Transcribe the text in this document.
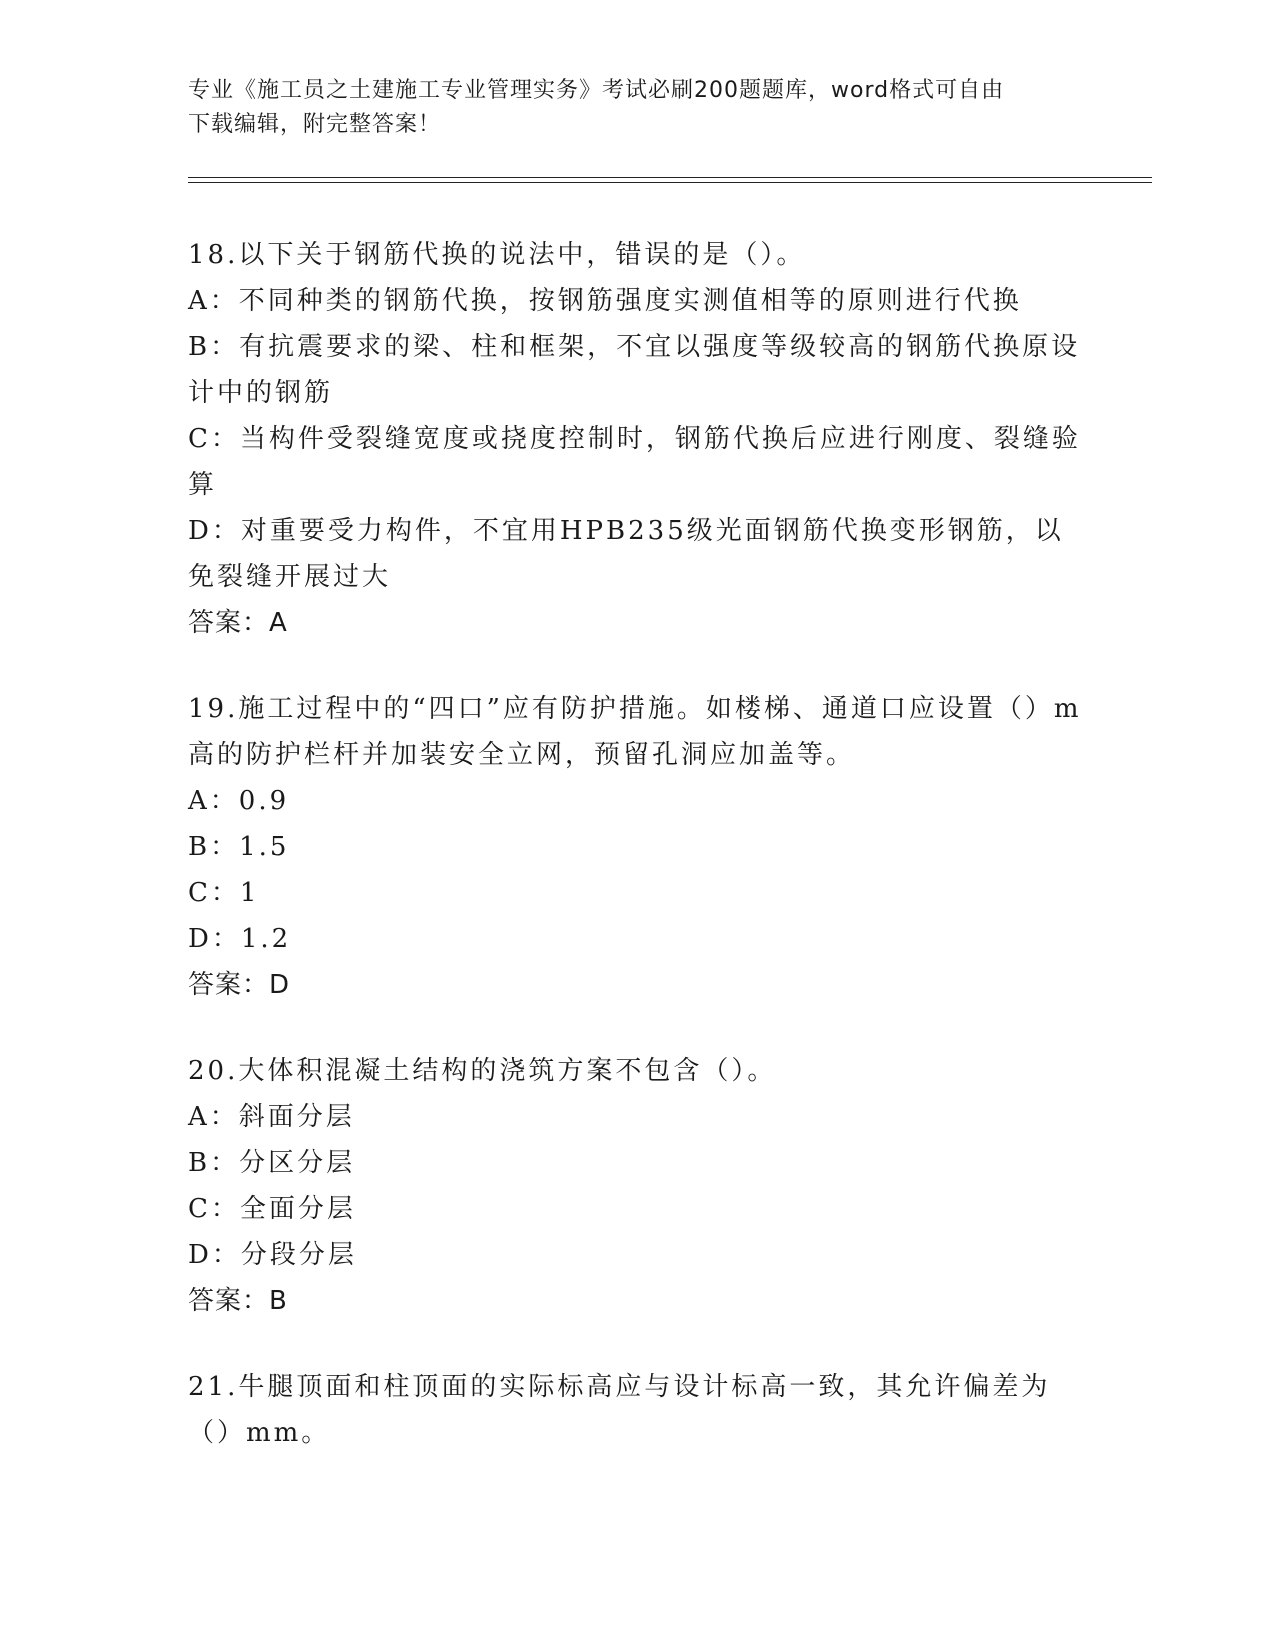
专业《施工员之土建施工专业管理实务》考试必刷200题题库，word格式可自由
下载编辑，附完整答案！
18.以下关于钢筋代换的说法中，错误的是（）。
A：不同种类的钢筋代换，按钢筋强度实测值相等的原则进行代换
B：有抗震要求的梁、柱和框架，不宜以强度等级较高的钢筋代换原设计中的钢筋
C：当构件受裂缝宽度或挠度控制时，钢筋代换后应进行刚度、裂缝验算
D：对重要受力构件，不宜用HPB235级光面钢筋代换变形钢筋，以免裂缝开展过大
答案：A
19.施工过程中的“四口”应有防护措施。如楼梯、通道口应设置（）m高的防护栏杆并加装安全立网，预留孔洞应加盖等。
A：0.9
B：1.5
C：1
D：1.2
答案：D
20.大体积混凝土结构的浇筑方案不包含（）。
A：斜面分层
B：分区分层
C：全面分层
D：分段分层
答案：B
21.牛腿顶面和柱顶面的实际标高应与设计标高一致，其允许偏差为（）mm。
